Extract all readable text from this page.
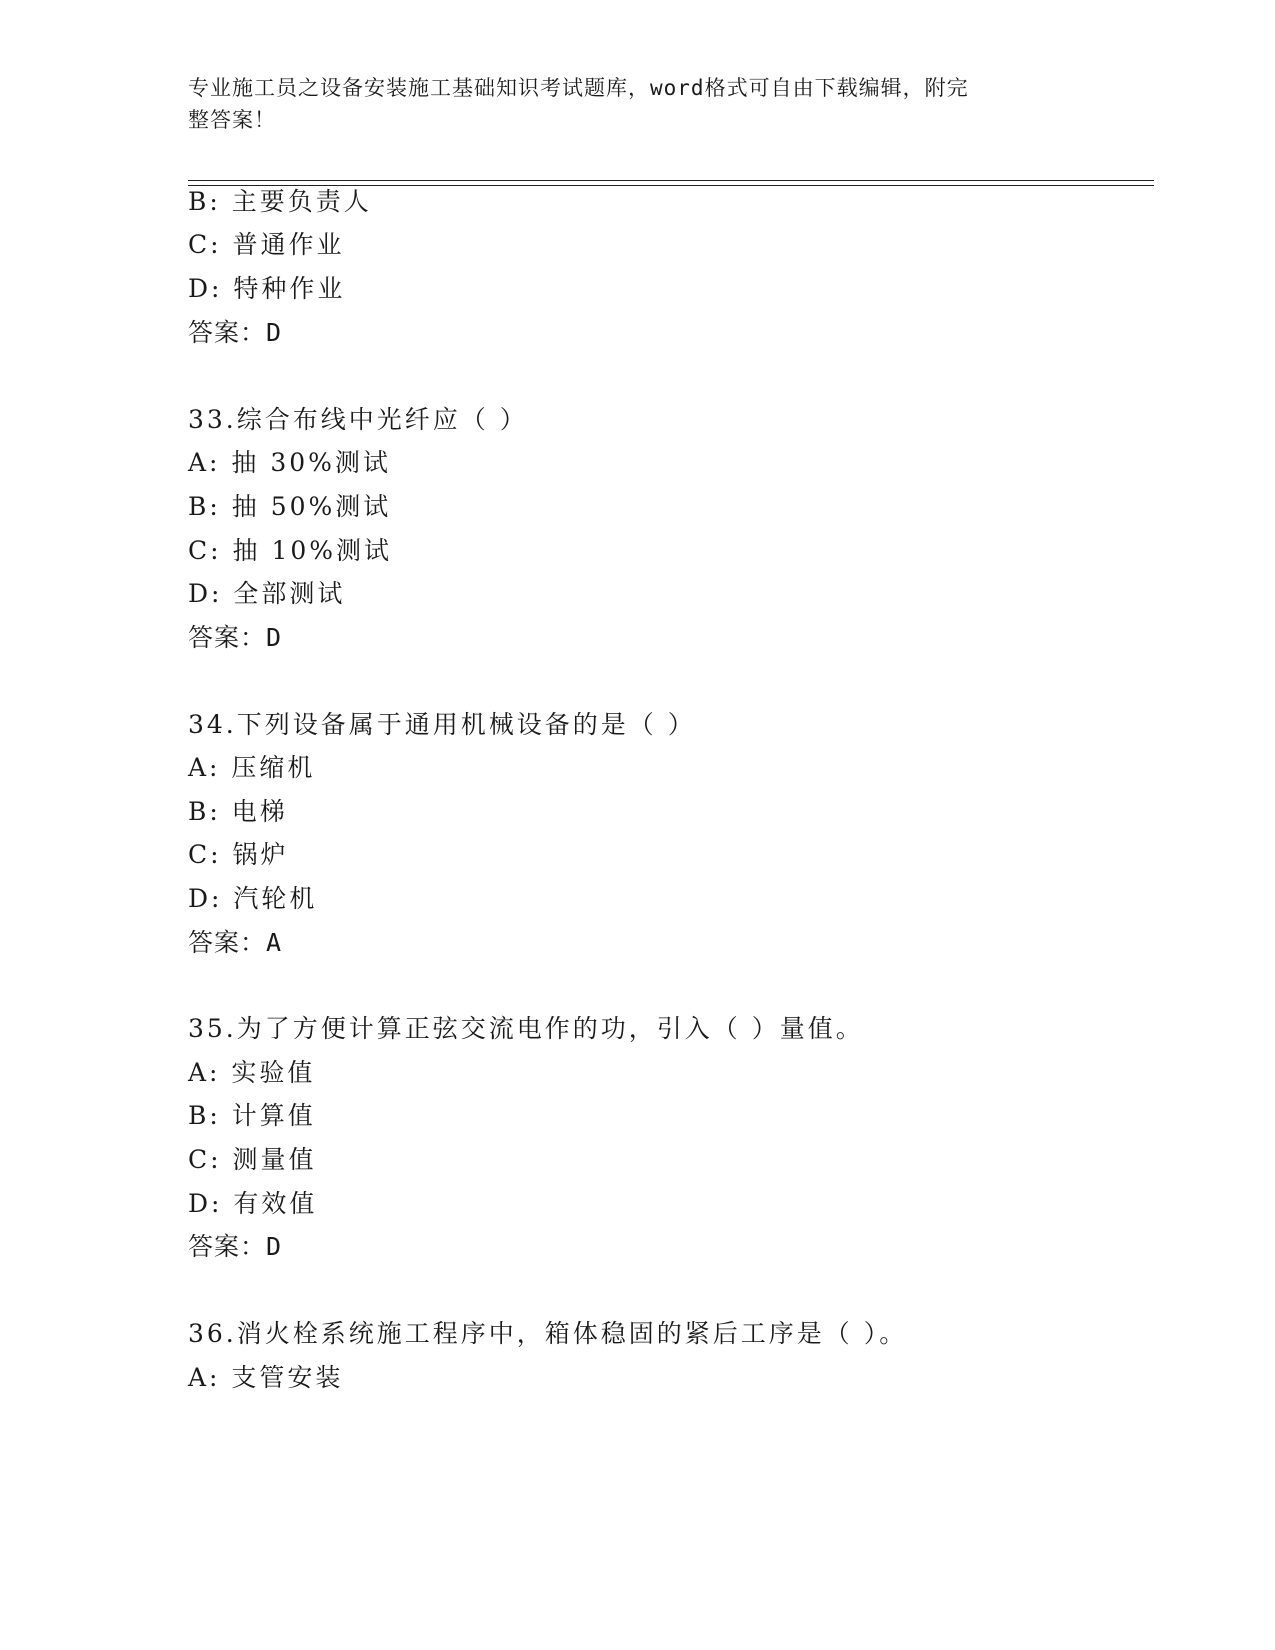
专业施工员之设备安装施工基础知识考试题库，word格式可自由下载编辑，附完
整答案！
B: 主要负责人
C: 普通作业
D: 特种作业
答案：D
33.综合布线中光纤应（ ）
A: 抽 30%测试
B: 抽 50%测试
C: 抽 10%测试
D: 全部测试
答案：D
34.下列设备属于通用机械设备的是（ ）
A: 压缩机
B: 电梯
C: 锅炉
D: 汽轮机
答案：A
35.为了方便计算正弦交流电作的功，引入（ ）量值。
A: 实验值
B: 计算值
C: 测量值
D: 有效值
答案：D
36.消火栓系统施工程序中，箱体稳固的紧后工序是（ ）。
A: 支管安装
